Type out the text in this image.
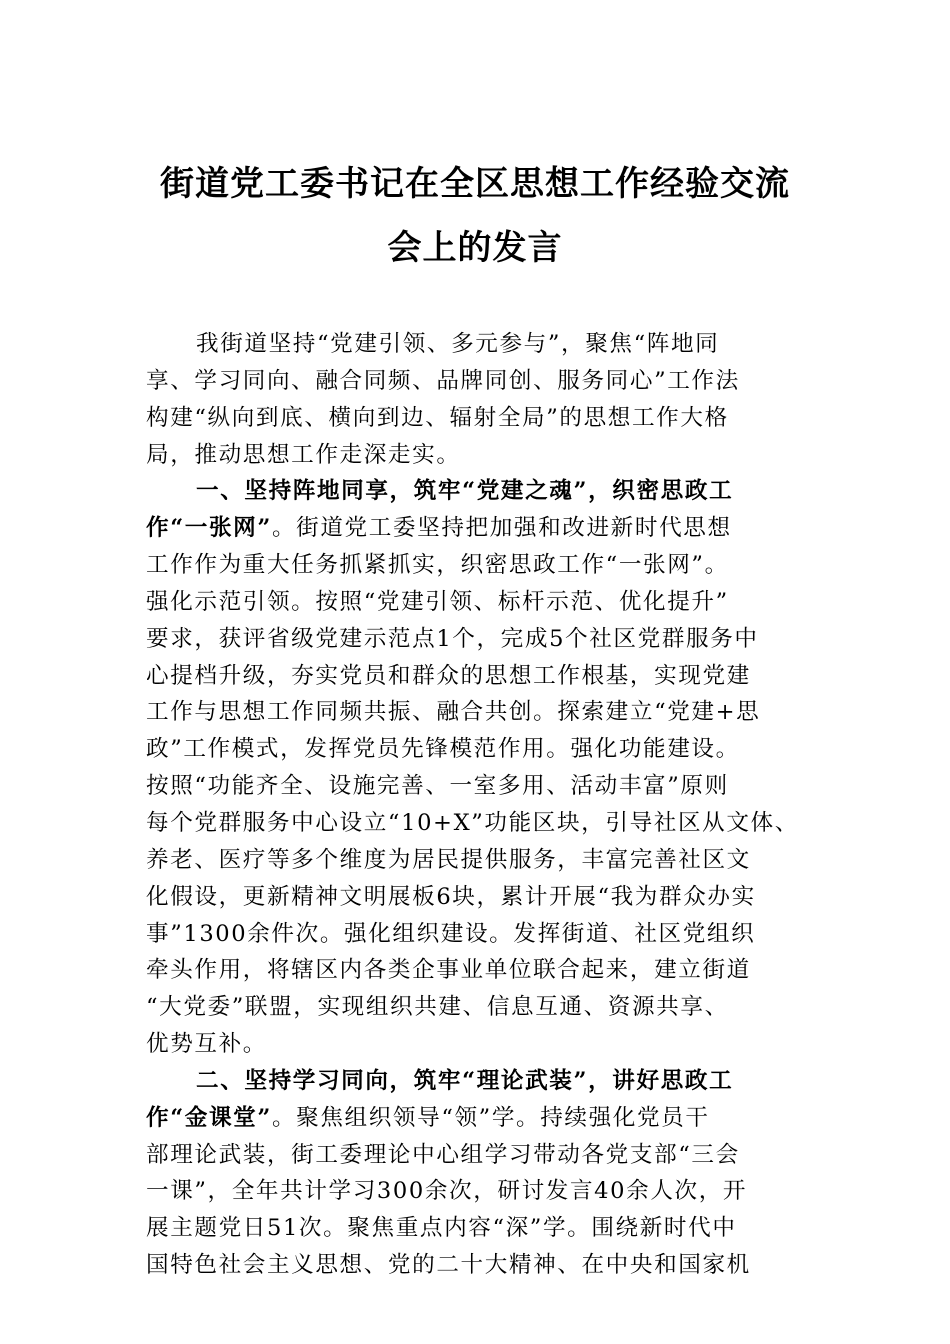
街道党工委书记在全区思想工作经验交流
会上的发言
我街道坚持“党建引领、多元参与”，聚焦“阵地同
享、学习同向、融合同频、品牌同创、服务同心”工作法
构建“纵向到底、横向到边、辐射全局”的思想工作大格
局，推动思想工作走深走实。
一、坚持阵地同享，筑牢“党建之魂”，织密思政工
作“一张网”。街道党工委坚持把加强和改进新时代思想
工作作为重大任务抓紧抓实，织密思政工作“一张网”。
强化示范引领。按照“党建引领、标杆示范、优化提升”
要求，获评省级党建示范点1个，完成5个社区党群服务中
心提档升级，夯实党员和群众的思想工作根基，实现党建
工作与思想工作同频共振、融合共创。探索建立“党建+思
政”工作模式，发挥党员先锋模范作用。强化功能建设。
按照“功能齐全、设施完善、一室多用、活动丰富”原则
每个党群服务中心设立“10+X”功能区块，引导社区从文体、
养老、医疗等多个维度为居民提供服务，丰富完善社区文
化假设，更新精神文明展板6块，累计开展“我为群众办实
事”1300余件次。强化组织建设。发挥街道、社区党组织
牵头作用，将辖区内各类企事业单位联合起来，建立街道
“大党委”联盟，实现组织共建、信息互通、资源共享、
优势互补。
二、坚持学习同向，筑牢“理论武装”，讲好思政工
作“金课堂”。聚焦组织领导“领”学。持续强化党员干
部理论武装，街工委理论中心组学习带动各党支部“三会
一课”，全年共计学习300余次，研讨发言40余人次，开
展主题党日51次。聚焦重点内容“深”学。围绕新时代中
国特色社会主义思想、党的二十大精神、在中央和国家机
